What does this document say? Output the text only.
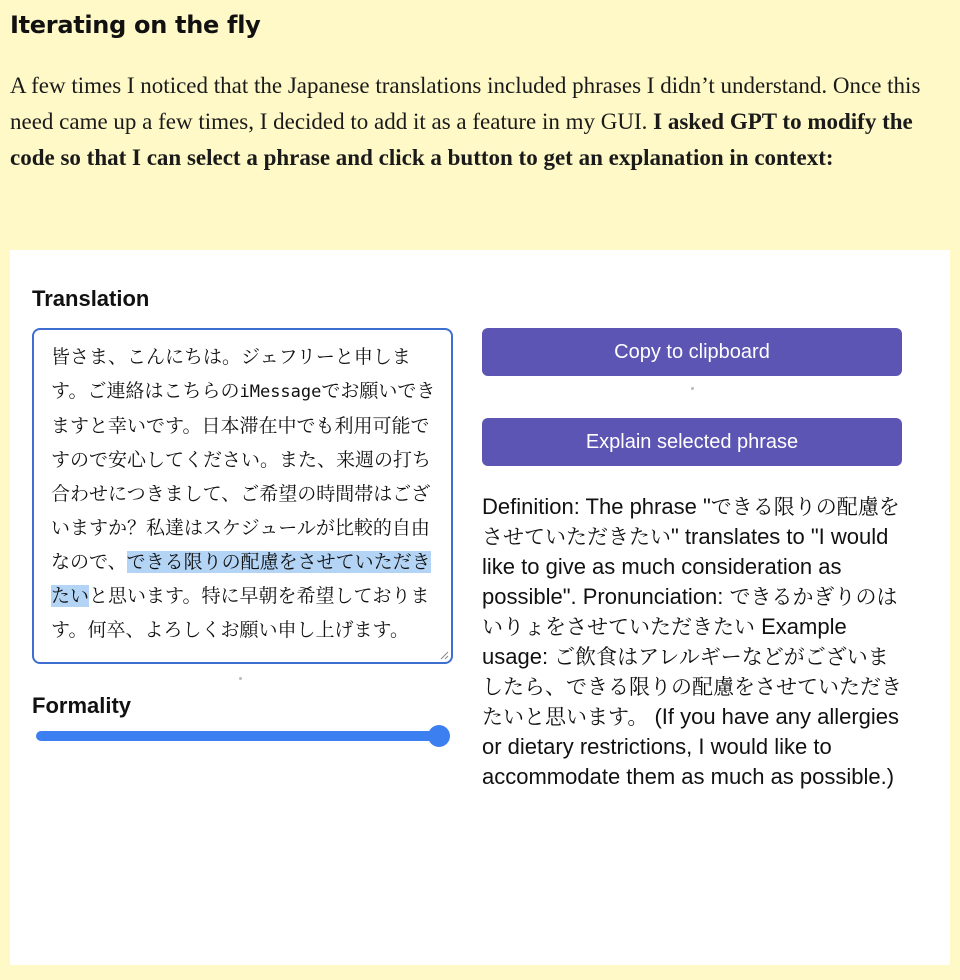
Iterating on the fly

A few times I noticed that the Japanese translations included phrases I didn’t understand. Once this need came up a few times, I decided to add it as a feature in my GUI. I asked GPT to modify the code so that I can select a phrase and click a button to get an explanation in context:

Translation
皆さま、こんにちは。ジェフリーと申します。ご連絡はこちらのiMessageでお願いできますと幸いです。日本滞在中でも利用可能ですので安心してください。また、来週の打ち合わせにつきまして、ご希望の時間帯はございますか？私達はスケジュールが比較的自由なので、できる限りの配慮をさせていただきたいと思います。特に早朝を希望しております。何卒、よろしくお願い申し上げます。
Formality
Copy to clipboard
Explain selected phrase
Definition: The phrase "できる限りの配慮をさせていただきたい" translates to "I would like to give as much consideration as possible". Pronunciation: できるかぎりのはいりょをさせていただきたい Example usage: ご飲食はアレルギーなどがございましたら、できる限りの配慮をさせていただきたいと思います。 (If you have any allergies or dietary restrictions, I would like to accommodate them as much as possible.)
